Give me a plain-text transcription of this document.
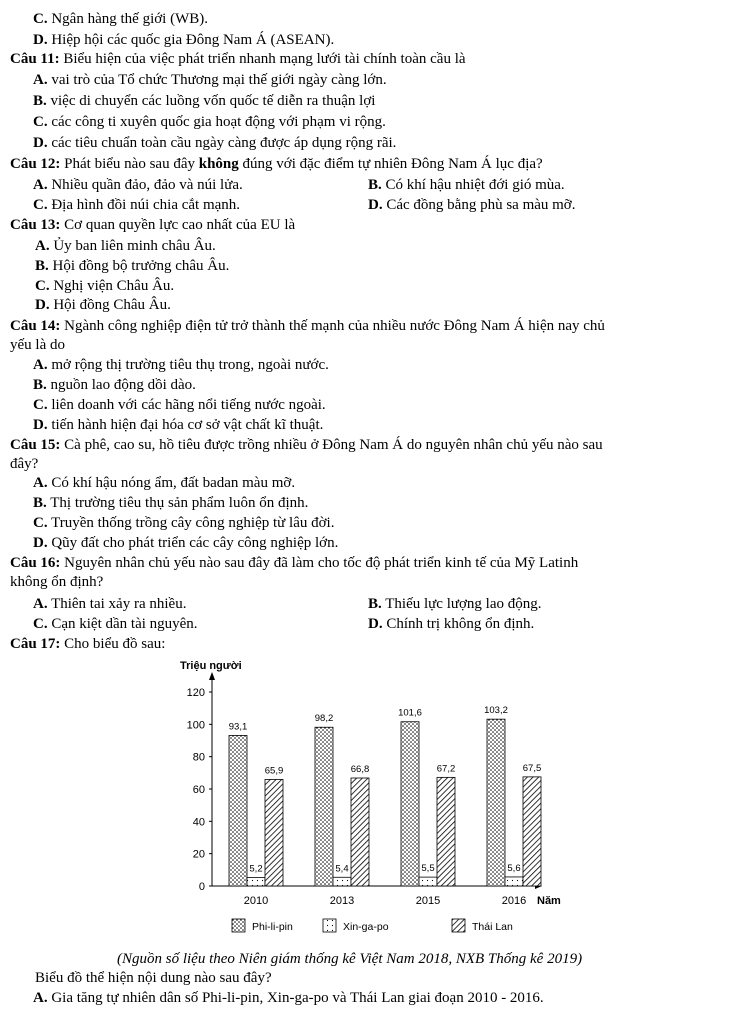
C. Ngân hàng thế giới (WB).
D. Hiệp hội các quốc gia Đông Nam Á (ASEAN).
Câu 11: Biểu hiện của việc phát triển nhanh mạng lưới tài chính toàn cầu là
A. vai trò của Tổ chức Thương mại thế giới ngày càng lớn.
B. việc di chuyển các luồng vốn quốc tế diễn ra thuận lợi
C. các công ti xuyên quốc gia hoạt động với phạm vi rộng.
D. các tiêu chuẩn toàn cầu ngày càng được áp dụng rộng rãi.
Câu 12: Phát biểu nào sau đây không đúng với đặc điểm tự nhiên Đông Nam Á lục địa?
A. Nhiều quần đảo, đảo và núi lửa.	B. Có khí hậu nhiệt đới gió mùa.
C. Địa hình đồi núi chia cắt mạnh.	D. Các đồng bằng phù sa màu mỡ.
Câu 13: Cơ quan quyền lực cao nhất của EU là
A. Ủy ban liên minh châu Âu.
B. Hội đồng bộ trưởng châu Âu.
C. Nghị viện Châu Âu.
D. Hội đồng Châu Âu.
Câu 14: Ngành công nghiệp điện tử trở thành thế mạnh của nhiều nước Đông Nam Á hiện nay chủ
yếu là do
A. mở rộng thị trường tiêu thụ trong, ngoài nước.
B. nguồn lao động dồi dào.
C. liên doanh với các hãng nổi tiếng nước ngoài.
D. tiến hành hiện đại hóa cơ sở vật chất kĩ thuật.
Câu 15: Cà phê, cao su, hồ tiêu được trồng nhiều ở Đông Nam Á do nguyên nhân chủ yếu nào sau
đây?
A. Có khí hậu nóng ẩm, đất badan màu mỡ.
B. Thị trường tiêu thụ sản phẩm luôn ổn định.
C. Truyền thống trồng cây công nghiệp từ lâu đời.
D. Qũy đất cho phát triển các cây công nghiệp lớn.
Câu 16: Nguyên nhân chủ yếu nào sau đây đã làm cho tốc độ phát triển kinh tế của Mỹ Latinh
không ổn định?
A. Thiên tai xảy ra nhiều.	B. Thiếu lực lượng lao động.
C. Cạn kiệt dần tài nguyên.	D. Chính trị không ổn định.
Câu 17: Cho biểu đồ sau:
Triệu người
0
20
40
60
80
100
120
Năm
93,1
5,2
65,9
2010
98,2
5,4
66,8
2013
101,6
5,5
67,2
2015
103,2
5,6
67,5
2016
Phi-li-pin	Xin-ga-po	Thái Lan
(Nguồn số liệu theo Niên giám thống kê Việt Nam 2018, NXB Thống kê 2019)
Biểu đồ thể hiện nội dung nào sau đây?
A. Gia tăng tự nhiên dân số Phi-li-pin, Xin-ga-po và Thái Lan giai đoạn 2010 - 2016.
